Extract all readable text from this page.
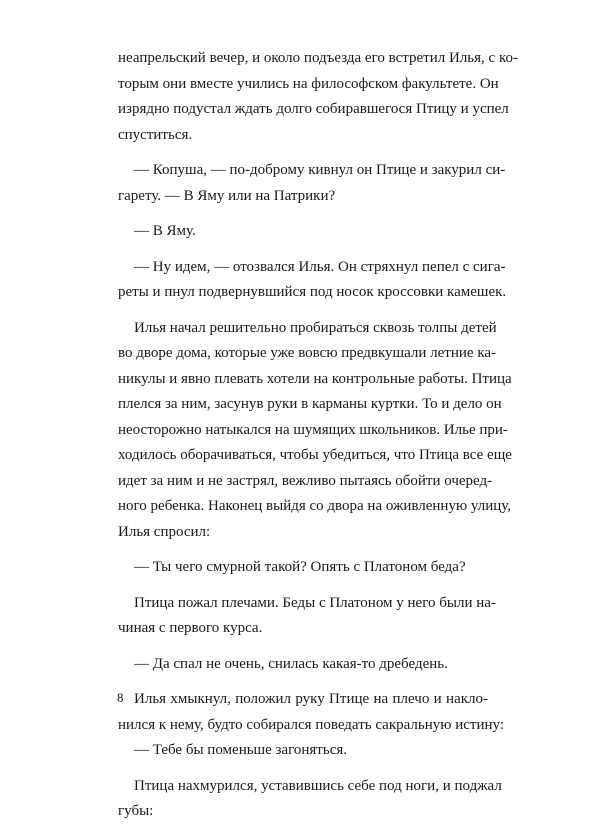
неапрельский вечер, и около подъезда его встретил Илья, с ко-
торым они вместе учились на философском факультете. Он
изрядно подустал ждать долго собиравшегося Птицу и успел
спуститься.
— Копуша, — по-доброму кивнул он Птице и закурил си-
гарету. — В Яму или на Патрики?
— В Яму.
— Ну идем, — отозвался Илья. Он стряхнул пепел с сига-
реты и пнул подвернувшийся под носок кроссовки камешек.
Илья начал решительно пробираться сквозь толпы детей
во дворе дома, которые уже вовсю предвкушали летние ка-
никулы и явно плевать хотели на контрольные работы. Птица
плелся за ним, засунув руки в карманы куртки. То и дело он
неосторожно натыкался на шумящих школьников. Илье при-
ходилось оборачиваться, чтобы убедиться, что Птица все еще
идет за ним и не застрял, вежливо пытаясь обойти очеред-
ного ребенка. Наконец выйдя со двора на оживленную улицу,
Илья спросил:
— Ты чего смурной такой? Опять с Платоном беда?
Птица пожал плечами. Беды с Платоном у него были на-
чиная с первого курса.
— Да спал не очень, снилась какая-то дребедень.
Илья хмыкнул, положил руку Птице на плечо и накло-
нился к нему, будто собирался поведать сакральную истину:
— Тебе бы поменьше загоняться.
Птица нахмурился, уставившись себе под ноги, и поджал
губы:
8
